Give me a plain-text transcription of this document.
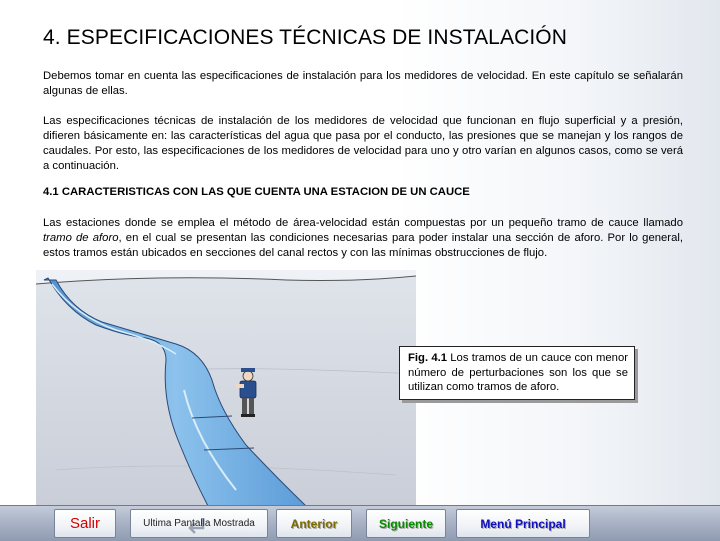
4. ESPECIFICACIONES TÉCNICAS DE INSTALACIÓN

Debemos tomar en cuenta las especificaciones de instalación para los medidores de velocidad. En este capítulo se señalarán algunas de ellas.

Las especificaciones técnicas de instalación de los medidores de velocidad que funcionan en flujo superficial y a presión, difieren básicamente en: las características del agua que pasa por el conducto, las presiones que se manejan y los rangos de caudales. Por esto, las especificaciones de los medidores de velocidad para uno y otro varían en algunos casos, como se verá a continuación.

4.1 CARACTERISTICAS CON LAS QUE CUENTA UNA ESTACION DE UN CAUCE

Las estaciones donde se emplea el método de área-velocidad están compuestas por un pequeño tramo de cauce llamado tramo de aforo, en el cual se presentan las condiciones necesarias para poder instalar una sección de aforo. Por lo general, estos tramos están ubicados en secciones del canal rectos y con las mínimas obstrucciones de flujo.

Fig. 4.1 Los tramos de un cauce con menor número de perturbaciones son los que se utilizan como tramos de aforo.
Salir	Ultima Pantalla Mostrada	Anterior	Siguiente	Menú Principal
